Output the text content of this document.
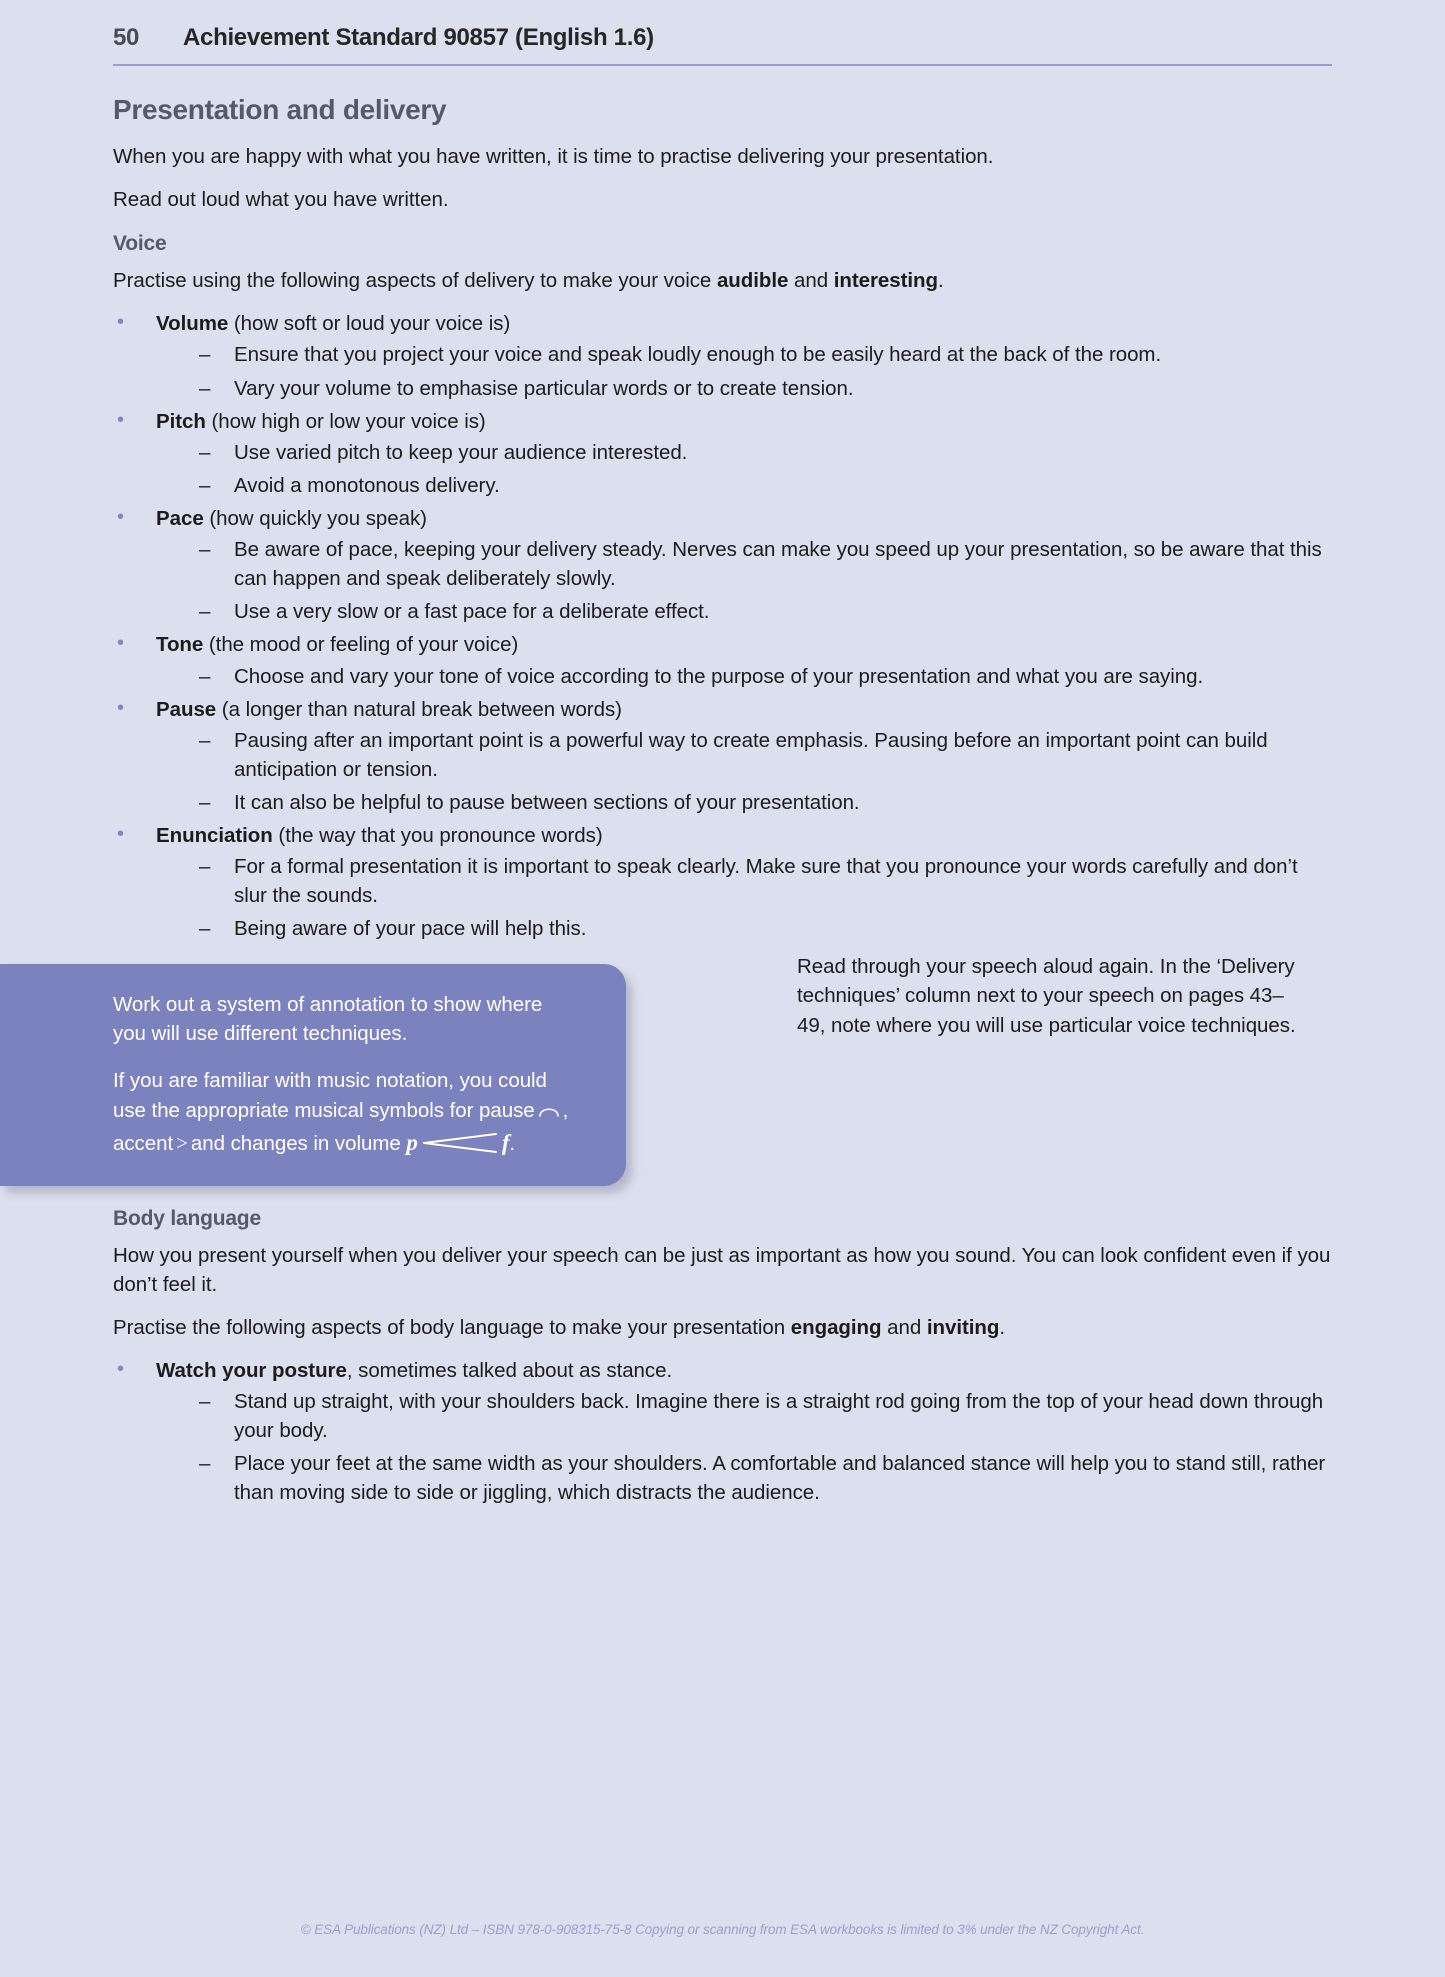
50	Achievement Standard 90857 (English 1.6)
Presentation and delivery

When you are happy with what you have written, it is time to practise delivering your presentation.

Read out loud what you have written.

Voice

Practise using the following aspects of delivery to make your voice audible and interesting.

• Volume (how soft or loud your voice is)
– Ensure that you project your voice and speak loudly enough to be easily heard at the back of the room.
– Vary your volume to emphasise particular words or to create tension.
• Pitch (how high or low your voice is)
– Use varied pitch to keep your audience interested.
– Avoid a monotonous delivery.
• Pace (how quickly you speak)
– Be aware of pace, keeping your delivery steady. Nerves can make you speed up your presentation, so be aware that this can happen and speak deliberately slowly.
– Use a very slow or a fast pace for a deliberate effect.
• Tone (the mood or feeling of your voice)
– Choose and vary your tone of voice according to the purpose of your presentation and what you are saying.
• Pause (a longer than natural break between words)
– Pausing after an important point is a powerful way to create emphasis. Pausing before an important point can build anticipation or tension.
– It can also be helpful to pause between sections of your presentation.
• Enunciation (the way that you pronounce words)
– For a formal presentation it is important to speak clearly. Make sure that you pronounce your words carefully and don’t slur the sounds.
– Being aware of your pace will help this.

Work out a system of annotation to show where you will use different techniques.

If you are familiar with music notation, you could use the appropriate musical symbols for pause , accent > and changes in volume p	f.

Read through your speech aloud again. In the ‘Delivery techniques’ column next to your speech on pages 43–49, note where you will use particular voice techniques.

Body language

How you present yourself when you deliver your speech can be just as important as how you sound. You can look confident even if you don’t feel it.

Practise the following aspects of body language to make your presentation engaging and inviting.

• Watch your posture, sometimes talked about as stance.
– Stand up straight, with your shoulders back. Imagine there is a straight rod going from the top of your head down through your body.
– Place your feet at the same width as your shoulders. A comfortable and balanced stance will help you to stand still, rather than moving side to side or jiggling, which distracts the audience.
© ESA Publications (NZ) Ltd – ISBN 978-0-908315-75-8 Copying or scanning from ESA workbooks is limited to 3% under the NZ Copyright Act.
